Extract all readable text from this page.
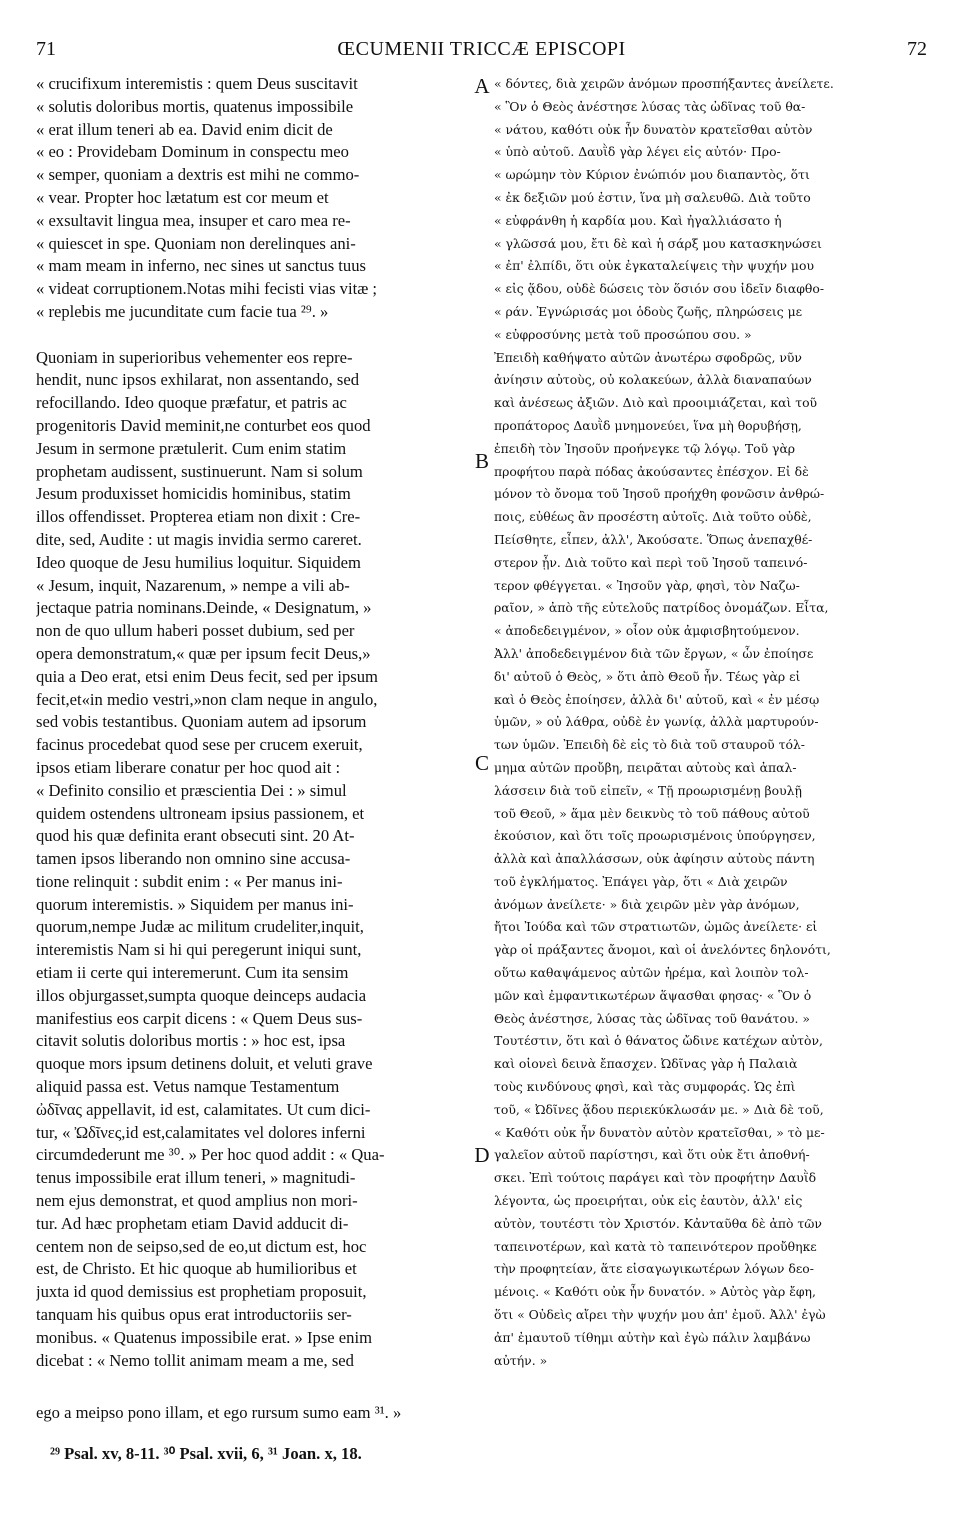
71	ŒCUMENII TRICCÆ EPISCOPI	72
« crucifixum interemistis : quem Deus suscitavit
« solutis doloribus mortis, quatenus impossibile
« erat illum teneri ab ea. David enim dicit de
« eo : Providebam Dominum in conspectu meo
« semper, quoniam a dextris est mihi ne commo-
« vear. Propter hoc lætatum est cor meum et
« exsultavit lingua mea, insuper et caro mea re-
« quiescet in spe. Quoniam non derelinques ani-
« mam meam in inferno, nec sines ut sanctus tuus
« videat corruptionem.Notas mihi fecisti vias vitæ ;
« replebis me jucunditate cum facie tua ²⁹. »
Quoniam in superioribus vehementer eos repre-
hendit, nunc ipsos exhilarat, non assentando, sed
refocillando. Ideo quoque præfatur, et patris ac
progenitoris David meminit,ne conturbet eos quod
Jesum in sermone prætulerit. Cum enim statim
prophetam audissent, sustinuerunt. Nam si solum
Jesum produxisset homicidis hominibus, statim
illos offendisset. Propterea etiam non dixit : Cre-
dite, sed, Audite : ut magis invidia sermo careret.
Ideo quoque de Jesu humilius loquitur. Siquidem
« Jesum, inquit, Nazarenum, » nempe a vili ab-
jectaque patria nominans.Deinde, « Designatum, »
non de quo ullum haberi posset dubium, sed per
opera demonstratum,« quæ per ipsum fecit Deus,»
quia a Deo erat, etsi enim Deus fecit, sed per ipsum
fecit,et«in medio vestri,»non clam neque in angulo,
sed vobis testantibus. Quoniam autem ad ipsorum
facinus procedebat quod sese per crucem exeruit,
ipsos etiam liberare conatur per hoc quod ait :
« Definito consilio et præscientia Dei : » simul
quidem ostendens ultroneam ipsius passionem, et
quod his quæ definita erant obsecuti sint. 20 At-
tamen ipsos liberando non omnino sine accusa-
tione relinquit : subdit enim : « Per manus ini-
quorum interemistis. » Siquidem per manus ini-
quorum,nempe Judæ ac militum crudeliter,inquit,
interemistis Nam si hi qui peregerunt iniqui sunt,
etiam ii certe qui interemerunt. Cum ita sensim
illos objurgasset,sumpta quoque deinceps audacia
manifestius eos carpit dicens : « Quem Deus sus-
citavit solutis doloribus mortis : » hoc est, ipsa
quoque mors ipsum detinens doluit, et veluti grave
aliquid passa est. Vetus namque Testamentum
ὠδῖνας appellavit, id est, calamitates. Ut cum dici-
tur, « Ὠδῖνες,id est,calamitates vel dolores inferni
circumdederunt me ³⁰. » Per hoc quod addit : « Qua-
tenus impossibile erat illum teneri, » magnitudi-
nem ejus demonstrat, et quod amplius non mori-
tur. Ad hæc prophetam etiam David adducit di-
centem non de seipso,sed de eo,ut dictum est, hoc
est, de Christo. Et hic quoque ab humilioribus et
juxta id quod demissius est prophetiam proposuit,
tanquam his quibus opus erat introductoriis ser-
monibus. « Quatenus impossibile erat. » Ipse enim
dicebat : « Nemo tollit animam meam a me, sed
« δόντες, διὰ χειρῶν ἀνόμων προσπήξαντες ἀνείλετε.
« Ὃν ὁ Θεὸς ἀνέστησε λύσας τὰς ὠδῖνας τοῦ θα-
« νάτου, καθότι οὐκ ἦν δυνατὸν κρατεῖσθαι αὐτὸν
« ὑπὸ αὐτοῦ. Δαυῒδ γὰρ λέγει εἰς αὐτόν· Προ-
« ωρώμην τὸν Κύριον ἐνώπιόν μου διαπαντὸς, ὅτι
« ἐκ δεξιῶν μού ἐστιν, ἵνα μὴ σαλευθῶ. Διὰ τοῦτο
« εὐφράνθη ἡ καρδία μου. Καὶ ἠγαλλιάσατο ἡ
« γλῶσσά μου, ἔτι δὲ καὶ ἡ σάρξ μου κατασκηνώσει
« ἐπ' ἐλπίδι, ὅτι οὐκ ἐγκαταλείψεις τὴν ψυχήν μου
« εἰς ᾅδου, οὐδὲ δώσεις τὸν ὅσιόν σου ἰδεῖν διαφθο-
« ράν. Ἐγνώρισάς μοι ὁδοὺς ζωῆς, πληρώσεις με
« εὐφροσύνης μετὰ τοῦ προσώπου σου. »
Ἐπειδὴ καθήψατο αὐτῶν ἀνωτέρω σφοδρῶς, νῦν
ἀνίησιν αὐτοὺς, οὐ κολακεύων, ἀλλὰ διαναπαύων
καὶ ἀνέσεως ἀξιῶν. Διὸ καὶ προοιμιάζεται, καὶ τοῦ
προπάτορος Δαυῒδ μνημονεύει, ἵνα μὴ θορυβήσῃ,
ἐπειδὴ τὸν Ἰησοῦν προήνεγκε τῷ λόγῳ. Τοῦ γὰρ
προφήτου παρὰ πόδας ἀκούσαντες ἐπέσχον. Εἰ δὲ
μόνον τὸ ὄνομα τοῦ Ἰησοῦ προήχθη φονῶσιν ἀνθρώ-
ποις, εὐθέως ἂν προσέστη αὐτοῖς. Διὰ τοῦτο οὐδὲ,
Πείσθητε, εἶπεν, ἀλλ', Ἀκούσατε. Ὅπως ἀνεπαχθέ-
στερον ᾖν. Διὰ τοῦτο καὶ περὶ τοῦ Ἰησοῦ ταπεινό-
τερον φθέγγεται. « Ἰησοῦν γὰρ, φησὶ, τὸν Ναζω-
ραῖον, » ἀπὸ τῆς εὐτελοῦς πατρίδος ὀνομάζων. Εἶτα,
« ἀποδεδειγμένον, » οἷον οὐκ ἀμφισβητούμενον.
Ἀλλ' ἀποδεδειγμένον διὰ τῶν ἔργων, « ὧν ἐποίησε
δι' αὐτοῦ ὁ Θεὸς, » ὅτι ἀπὸ Θεοῦ ἦν. Τέως γὰρ εἰ
καὶ ὁ Θεὸς ἐποίησεν, ἀλλὰ δι' αὐτοῦ, καὶ « ἐν μέσῳ
ὑμῶν, » οὐ λάθρα, οὐδὲ ἐν γωνίᾳ, ἀλλὰ μαρτυρούν-
των ὑμῶν. Ἐπειδὴ δὲ εἰς τὸ διὰ τοῦ σταυροῦ τόλ-
μημα αὐτῶν προὔβη, πειρᾶται αὐτοὺς καὶ ἀπαλ-
λάσσειν διὰ τοῦ εἰπεῖν, « Τῇ προωρισμένῃ βουλῇ
τοῦ Θεοῦ, » ἅμα μὲν δεικνὺς τὸ τοῦ πάθους αὐτοῦ
ἑκούσιον, καὶ ὅτι τοῖς προωρισμένοις ὑπούργησεν,
ἀλλὰ καὶ ἀπαλλάσσων, οὐκ ἀφίησιν αὐτοὺς πάντη
τοῦ ἐγκλήματος. Ἐπάγει γὰρ, ὅτι « Διὰ χειρῶν
ἀνόμων ἀνείλετε· » διὰ χειρῶν μὲν γὰρ ἀνόμων,
ἤτοι Ἰούδα καὶ τῶν στρατιωτῶν, ὠμῶς ἀνείλετε· εἰ
γὰρ οἱ πράξαντες ἄνομοι, καὶ οἱ ἀνελόντες δηλονότι,
οὕτω καθαψάμενος αὐτῶν ἠρέμα, καὶ λοιπὸν τολ-
μῶν καὶ ἐμφαντικωτέρων ἅψασθαι φησας· « Ὃν ὁ
Θεὸς ἀνέστησε, λύσας τὰς ὠδῖνας τοῦ θανάτου. »
Τουτέστιν, ὅτι καὶ ὁ θάνατος ὤδινε κατέχων αὐτὸν,
καὶ οἱονεὶ δεινὰ ἔπασχεν. Ὠδῖνας γὰρ ἡ Παλαιὰ
τοὺς κινδύνους φησὶ, καὶ τὰς συμφοράς. Ὡς ἐπὶ
τοῦ, « Ὠδῖνες ᾅδου περιεκύκλωσάν με. » Διὰ δὲ τοῦ,
« Καθότι οὐκ ἦν δυνατὸν αὐτὸν κρατεῖσθαι, » τὸ με-
γαλεῖον αὐτοῦ παρίστησι, καὶ ὅτι οὐκ ἔτι ἀποθνή-
σκει. Ἐπὶ τούτοις παράγει καὶ τὸν προφήτην Δαυῒδ
λέγοντα, ὡς προειρήται, οὐκ εἰς ἑαυτὸν, ἀλλ' εἰς
αὐτὸν, τουτέστι τὸν Χριστόν. Κἀνταῦθα δὲ ἀπὸ τῶν
ταπεινοτέρων, καὶ κατὰ τὸ ταπεινότερον προὔθηκε
τὴν προφητείαν, ἅτε εἰσαγωγικωτέρων λόγων δεο-
μένοις. « Καθότι οὐκ ἦν δυνατόν. » Αὐτὸς γὰρ ἔφη,
ὅτι « Οὐδεὶς αἴρει τὴν ψυχήν μου ἀπ' ἐμοῦ. Ἀλλ' ἐγὼ
ἀπ' ἐμαυτοῦ τίθημι αὐτὴν καὶ ἐγὼ πάλιν λαμβάνω
αὐτήν. »
A
B
C
D
ego a meipso pono illam, et ego rursum sumo eam ³¹. »
²⁹ Psal. xv, 8-11. ³⁰ Psal. xvii, 6, ³¹ Joan. x, 18.
